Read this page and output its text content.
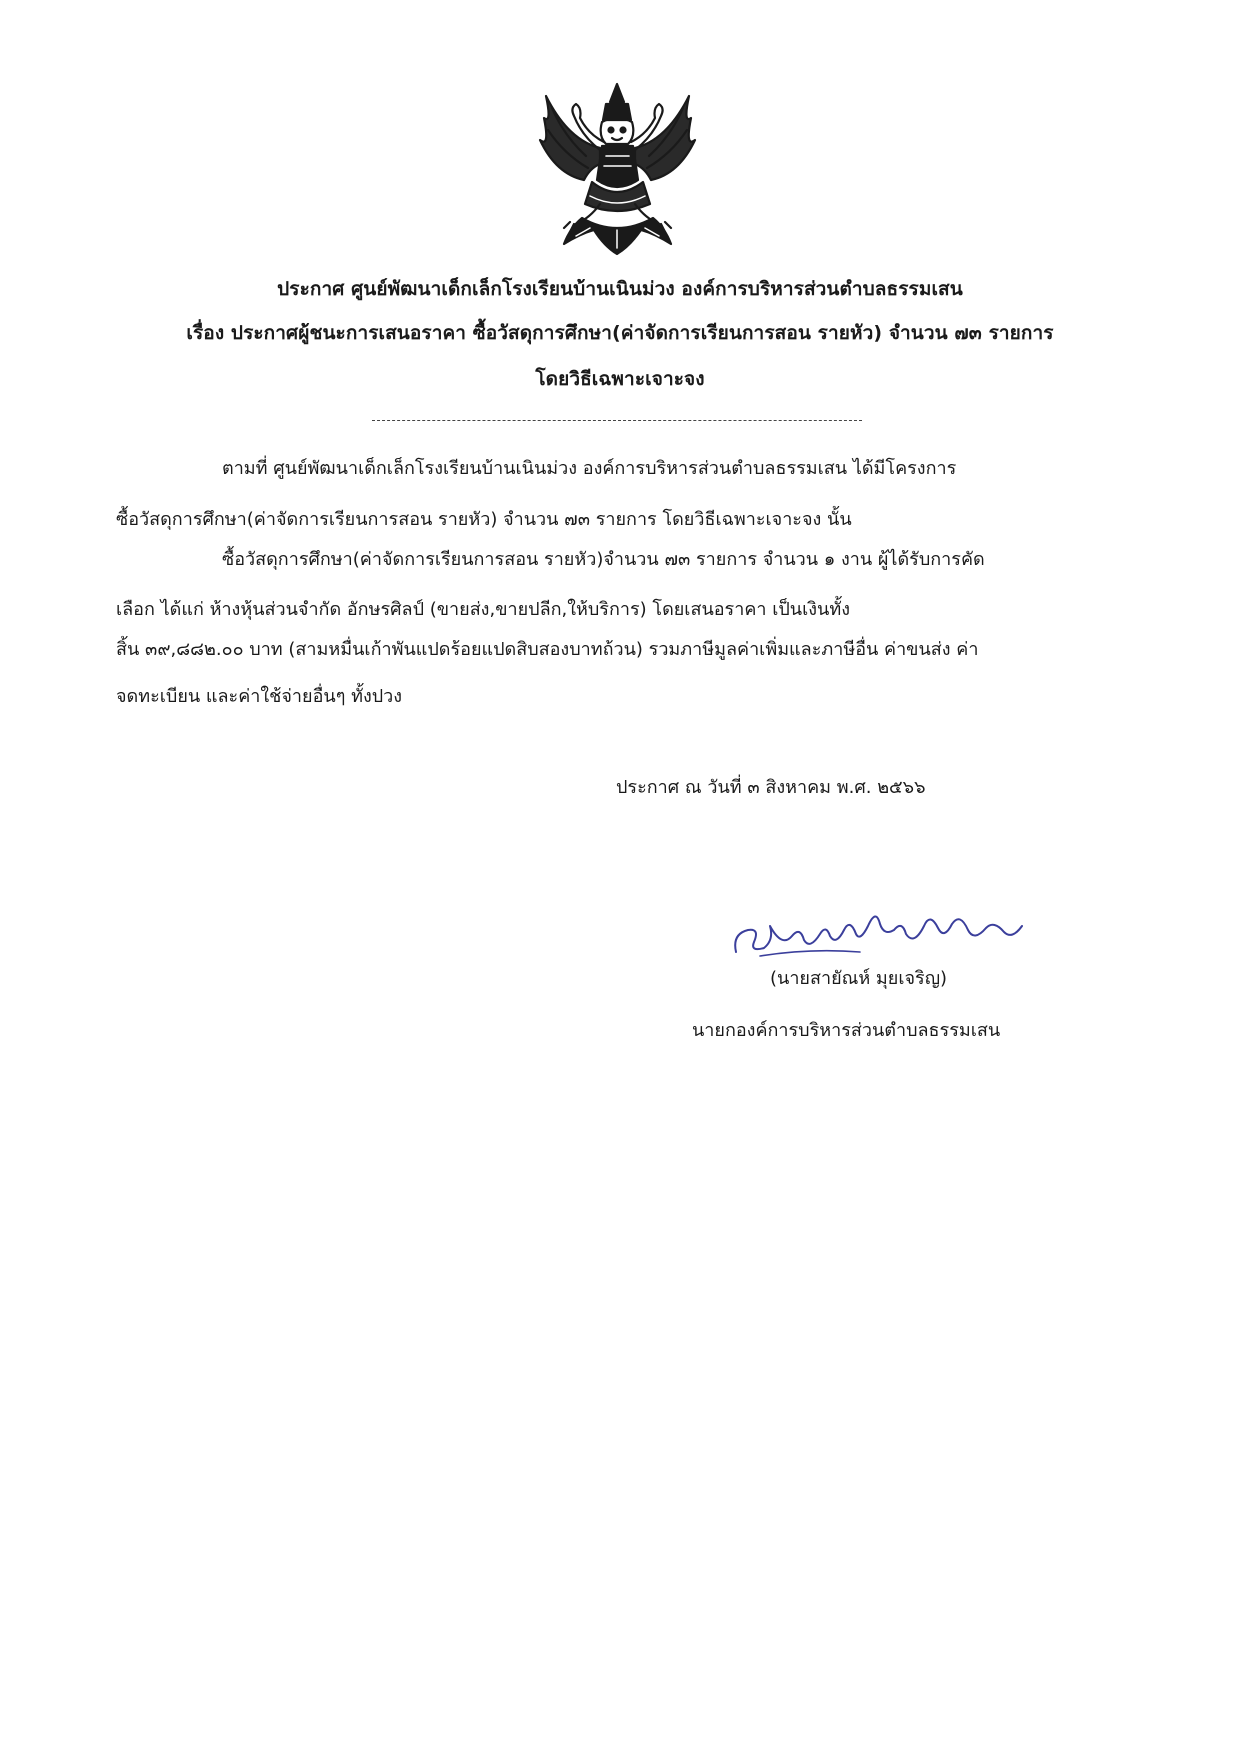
ประกาศ ศูนย์พัฒนาเด็กเล็กโรงเรียนบ้านเนินม่วง องค์การบริหารส่วนตำบลธรรมเสน
เรื่อง ประกาศผู้ชนะการเสนอราคา ซื้อวัสดุการศึกษา(ค่าจัดการเรียนการสอน รายหัว) จำนวน ๗๓ รายการ
โดยวิธีเฉพาะเจาะจง
ตามที่ ศูนย์พัฒนาเด็กเล็กโรงเรียนบ้านเนินม่วง องค์การบริหารส่วนตำบลธรรมเสน ได้มีโครงการ
ซื้อวัสดุการศึกษา(ค่าจัดการเรียนการสอน รายหัว) จำนวน ๗๓ รายการ โดยวิธีเฉพาะเจาะจง นั้น
ซื้อวัสดุการศึกษา(ค่าจัดการเรียนการสอน รายหัว)จำนวน ๗๓ รายการ จำนวน ๑ งาน ผู้ได้รับการคัด
เลือก ได้แก่ ห้างหุ้นส่วนจำกัด อักษรศิลป์ (ขายส่ง,ขายปลีก,ให้บริการ) โดยเสนอราคา เป็นเงินทั้ง
สิ้น ๓๙,๘๘๒.๐๐ บาท (สามหมื่นเก้าพันแปดร้อยแปดสิบสองบาทถ้วน) รวมภาษีมูลค่าเพิ่มและภาษีอื่น ค่าขนส่ง ค่า
จดทะเบียน และค่าใช้จ่ายอื่นๆ ทั้งปวง
ประกาศ ณ วันที่ ๓ สิงหาคม พ.ศ. ๒๕๖๖
(นายสายัณห์ มุยเจริญ)
นายกองค์การบริหารส่วนตำบลธรรมเสน
